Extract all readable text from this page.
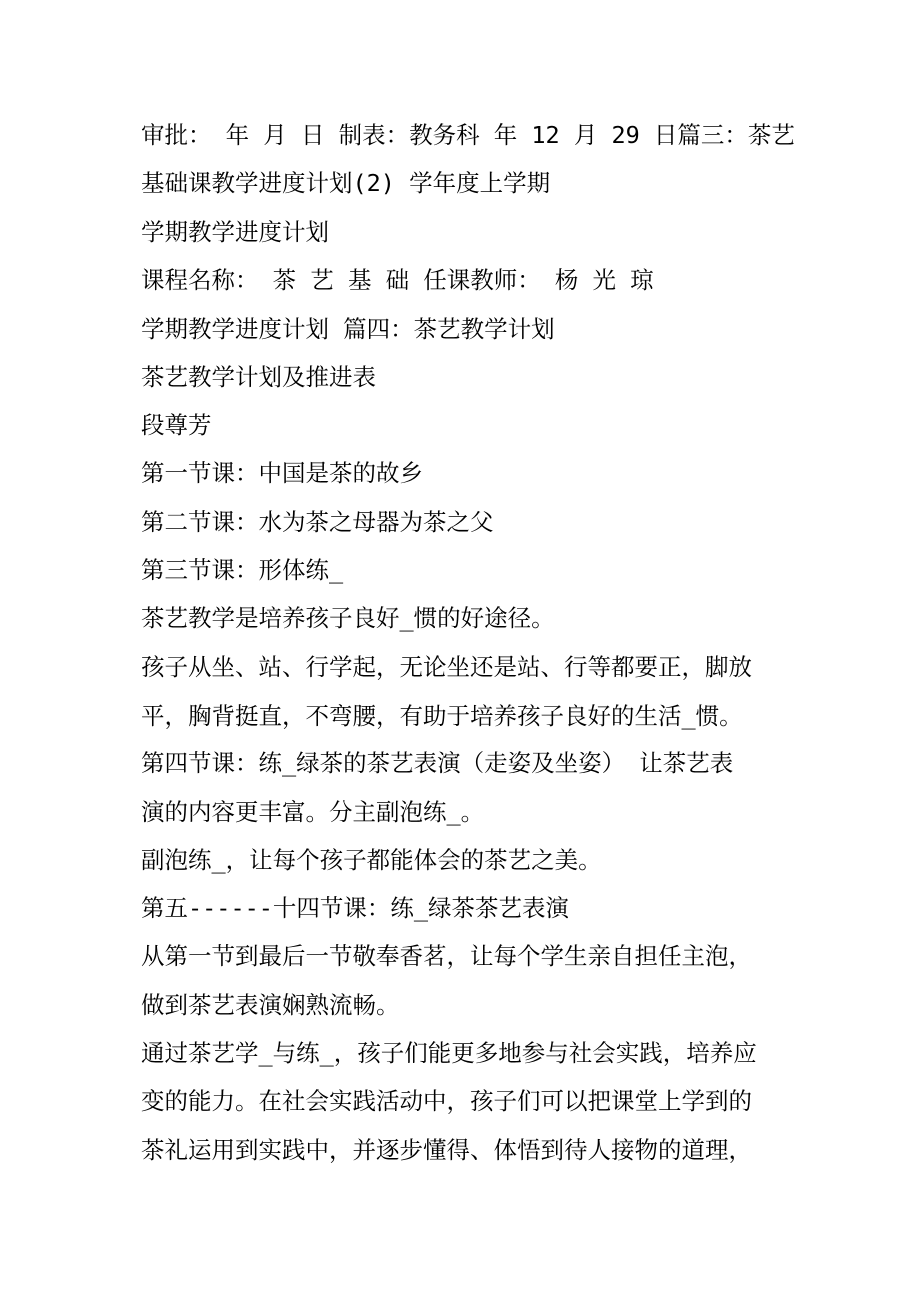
审批： 年 月 日 制表：教务科 年 12 月 29 日篇三：茶艺
基础课教学进度计划(2) 学年度上学期
学期教学进度计划
课程名称： 茶 艺 基 础 任课教师： 杨 光 琼
学期教学进度计划 篇四：茶艺教学计划
茶艺教学计划及推进表
段尊芳
第一节课：中国是茶的故乡
第二节课：水为茶之母器为茶之父
第三节课：形体练_
茶艺教学是培养孩子良好_惯的好途径。
孩子从坐、站、行学起，无论坐还是站、行等都要正，脚放
平，胸背挺直，不弯腰，有助于培养孩子良好的生活_惯。
第四节课：练_绿茶的茶艺表演（走姿及坐姿） 让茶艺表
演的内容更丰富。分主副泡练_。
副泡练_，让每个孩子都能体会的茶艺之美。
第五------十四节课：练_绿茶茶艺表演
从第一节到最后一节敬奉香茗，让每个学生亲自担任主泡，
做到茶艺表演娴熟流畅。
通过茶艺学_与练_，孩子们能更多地参与社会实践，培养应
变的能力。在社会实践活动中，孩子们可以把课堂上学到的
茶礼运用到实践中，并逐步懂得、体悟到待人接物的道理，
